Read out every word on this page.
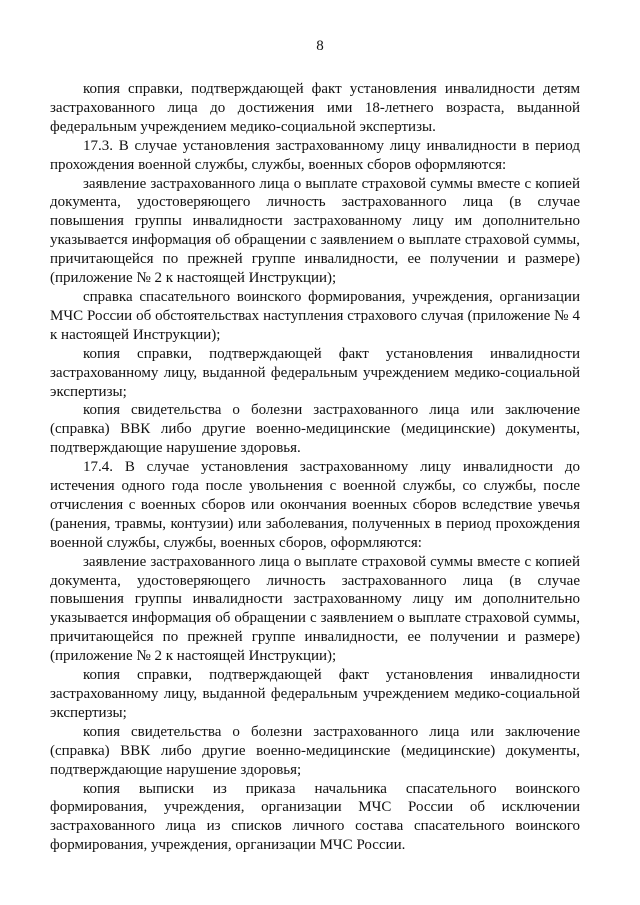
8

копия справки, подтверждающей факт установления инвалидности детям застрахованного лица до достижения ими 18-летнего возраста, выданной федеральным учреждением медико-социальной экспертизы.

17.3. В случае установления застрахованному лицу инвалидности в период прохождения военной службы, службы, военных сборов оформляются:

заявление застрахованного лица о выплате страховой суммы вместе с копией документа, удостоверяющего личность застрахованного лица (в случае повышения группы инвалидности застрахованному лицу им дополнительно указывается информация об обращении с заявлением о выплате страховой суммы, причитающейся по прежней группе инвалидности, ее получении и размере) (приложение № 2 к настоящей Инструкции);

справка спасательного воинского формирования, учреждения, организации МЧС России об обстоятельствах наступления страхового случая (приложение № 4 к настоящей Инструкции);

копия справки, подтверждающей факт установления инвалидности застрахованному лицу, выданной федеральным учреждением медико-социальной экспертизы;

копия свидетельства о болезни застрахованного лица или заключение (справка) ВВК либо другие военно-медицинские (медицинские) документы, подтверждающие нарушение здоровья.

17.4. В случае установления застрахованному лицу инвалидности до истечения одного года после увольнения с военной службы, со службы, после отчисления с военных сборов или окончания военных сборов вследствие увечья (ранения, травмы, контузии) или заболевания, полученных в период прохождения военной службы, службы, военных сборов, оформляются:

заявление застрахованного лица о выплате страховой суммы вместе с копией документа, удостоверяющего личность застрахованного лица (в случае повышения группы инвалидности застрахованному лицу им дополнительно указывается информация об обращении с заявлением о выплате страховой суммы, причитающейся по прежней группе инвалидности, ее получении и размере) (приложение № 2 к настоящей Инструкции);

копия справки, подтверждающей факт установления инвалидности застрахованному лицу, выданной федеральным учреждением медико-социальной экспертизы;

копия свидетельства о болезни застрахованного лица или заключение (справка) ВВК либо другие военно-медицинские (медицинские) документы, подтверждающие нарушение здоровья;

копия выписки из приказа начальника спасательного воинского формирования, учреждения, организации МЧС России об исключении застрахованного лица из списков личного состава спасательного воинского формирования, учреждения, организации МЧС России.
